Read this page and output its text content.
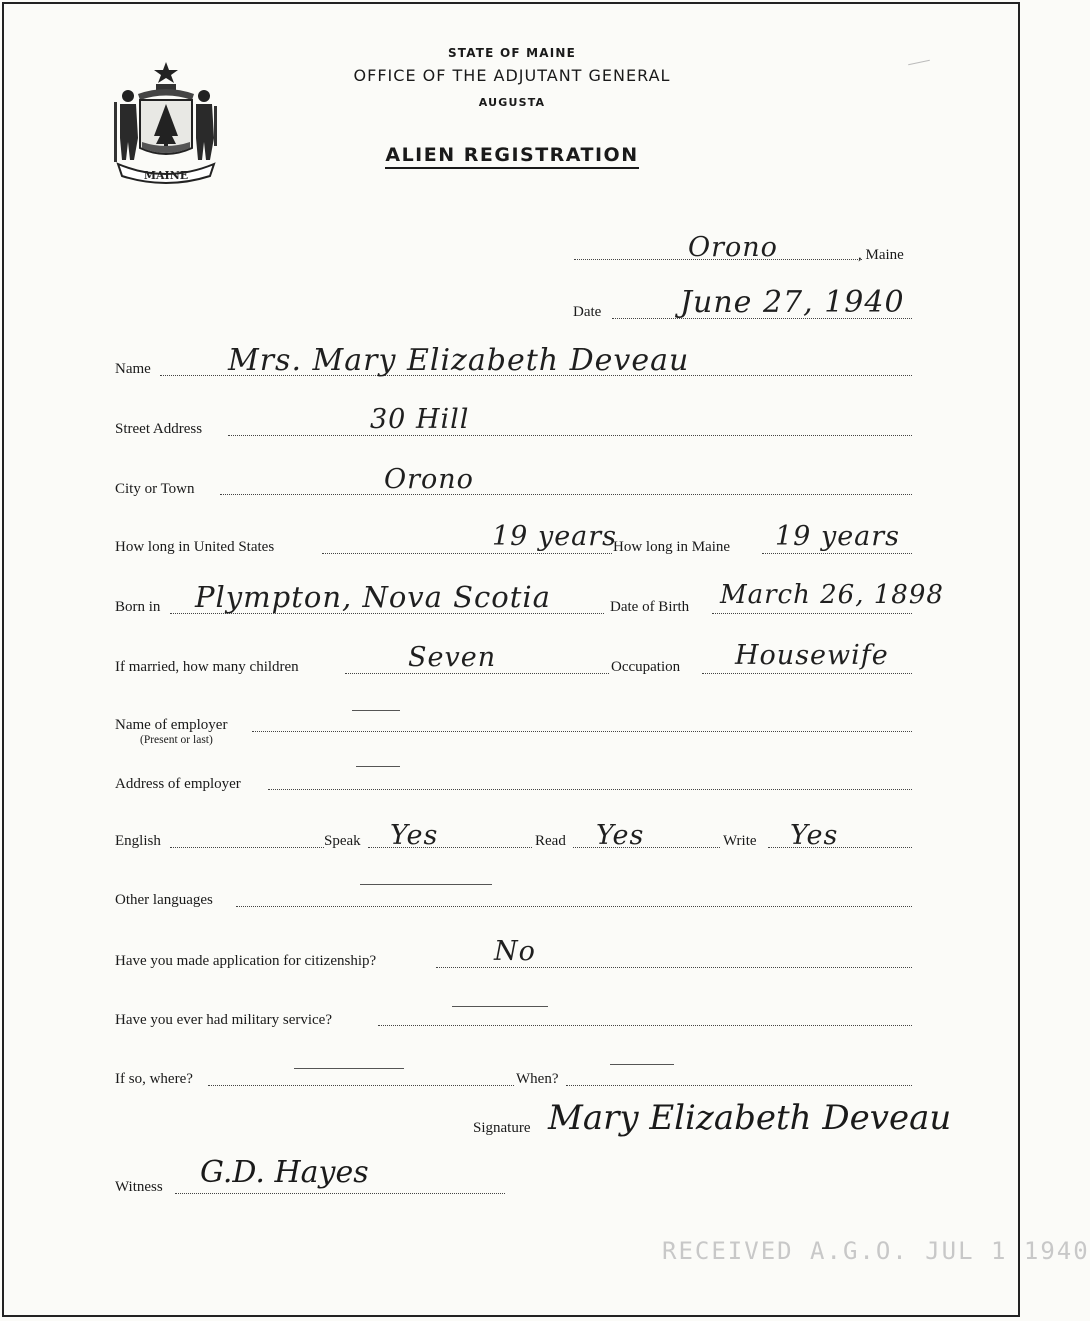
MAINE
STATE OF MAINE
OFFICE OF THE ADJUTANT GENERAL
AUGUSTA
ALIEN REGISTRATION
Orono	, Maine
Date	June 27, 1940
Name	Mrs. Mary Elizabeth Deveau
Street Address	30 Hill
City or Town	Orono
How long in United States	19 years
How long in Maine 19 years
Born in Plympton, Nova Scotia	Date of Birth March 26, 1898
If married, how many children	Seven	Occupation Housewife
Name of employer
(Present or last)
Address of employer
English	Speak Yes	Read Yes	Write Yes
Other languages
Have you made application for citizenship?	No
Have you ever had military service?
If so, where?	When?
Signature Mary Elizabeth Deveau
Witness G.D. Hayes
RECEIVED A.G.O. JUL 1 1940
